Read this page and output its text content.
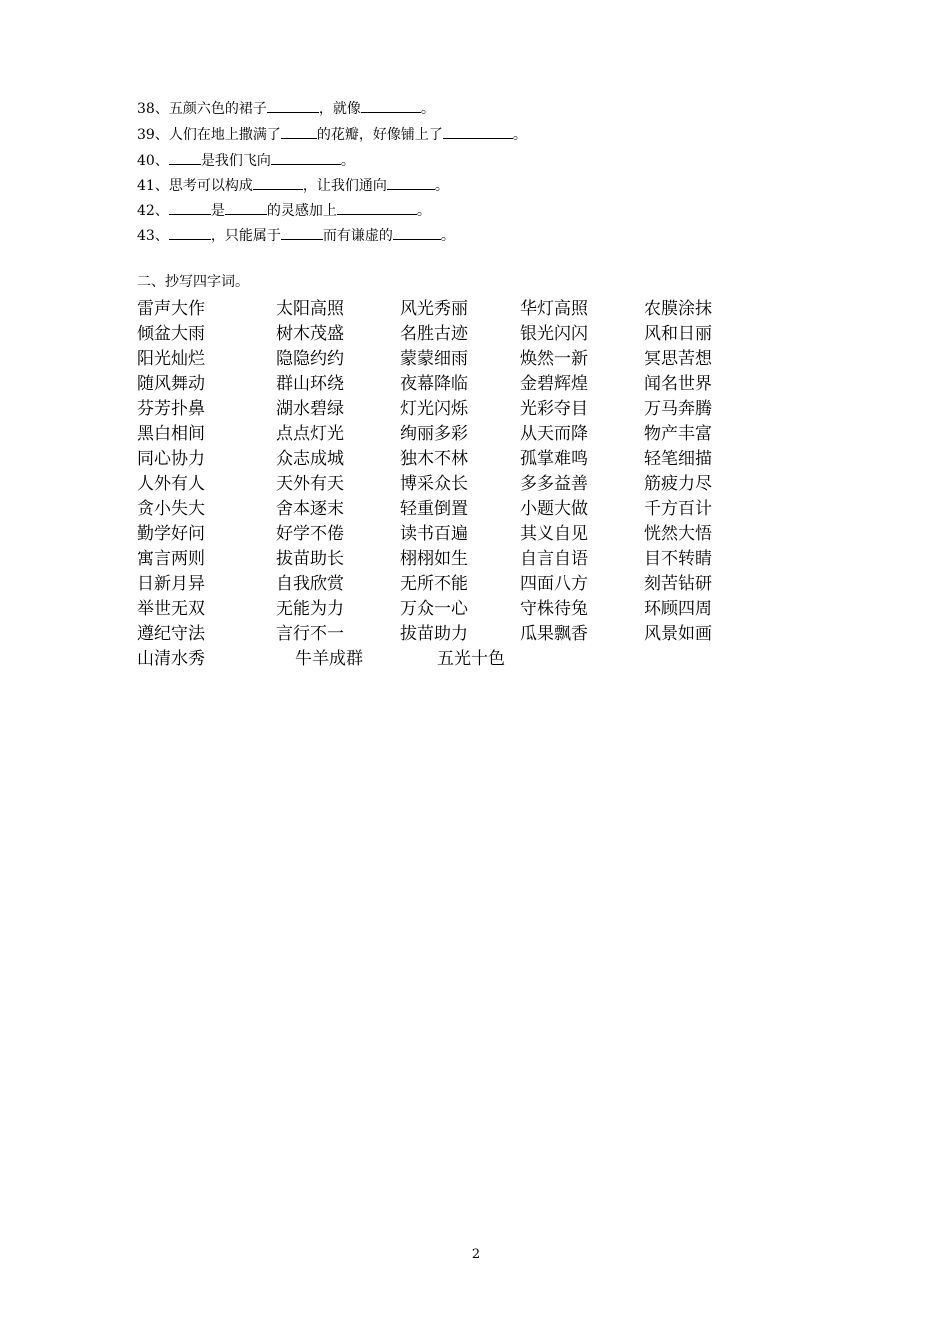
38、五颜六色的裙子	，就像	。
39、人们在地上撒满了	的花瓣，好像铺上了	。
40、 是我们飞向	。
41、思考可以构成	，让我们通向	。
42、	是	的灵感加上	。
43、	，只能属于	而有谦虚的	。
二、抄写四字词。
雷声大作	太阳高照	风光秀丽	华灯高照	农膜涂抹
倾盆大雨	树木茂盛	名胜古迹	银光闪闪	风和日丽
阳光灿烂	隐隐约约	蒙蒙细雨	焕然一新	冥思苦想
随风舞动	群山环绕	夜幕降临	金碧辉煌	闻名世界
芬芳扑鼻	湖水碧绿	灯光闪烁	光彩夺目	万马奔腾
黑白相间	点点灯光	绚丽多彩	从天而降	物产丰富
同心协力	众志成城	独木不林	孤掌难鸣	轻笔细描
人外有人	天外有天	博采众长	多多益善	筋疲力尽
贪小失大	舍本逐末	轻重倒置	小题大做	千方百计
勤学好问	好学不倦	读书百遍	其义自见	恍然大悟
寓言两则	拔苗助长	栩栩如生	自言自语	目不转睛
日新月异	自我欣赏	无所不能	四面八方	刻苦钻研
举世无双	无能为力	万众一心	守株待兔	环顾四周
遵纪守法	言行不一	拔苗助力	瓜果飘香	风景如画
山清水秀	牛羊成群	五光十色
2
